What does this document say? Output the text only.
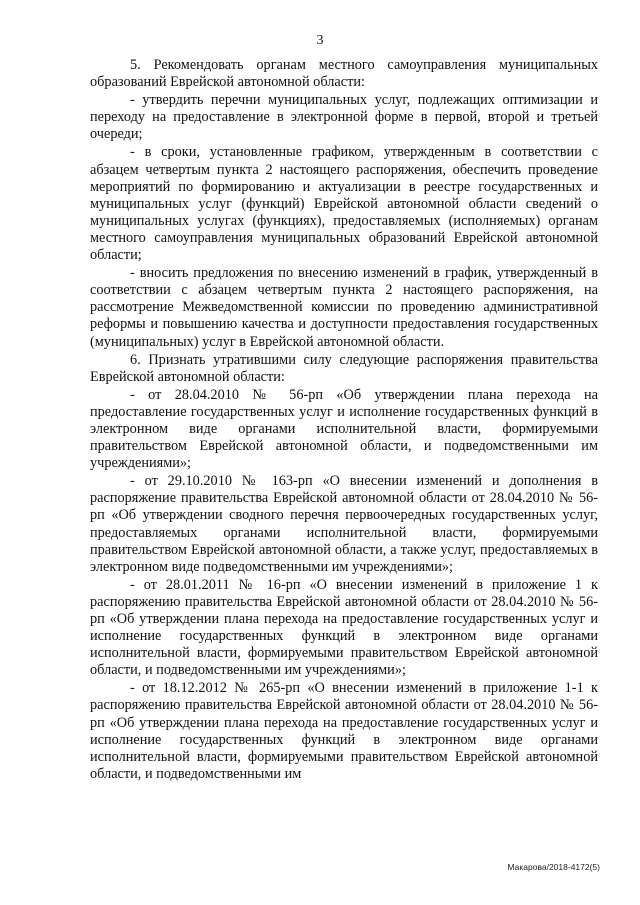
3

5. Рекомендовать органам местного самоуправления муниципальных образований Еврейской автономной области:

- утвердить перечни муниципальных услуг, подлежащих оптимизации и переходу на предоставление в электронной форме в первой, второй и третьей очереди;

- в сроки, установленные графиком, утвержденным в соответствии с абзацем четвертым пункта 2 настоящего распоряжения, обеспечить проведение мероприятий по формированию и актуализации в реестре государственных и муниципальных услуг (функций) Еврейской автономной области сведений о муниципальных услугах (функциях), предоставляемых (исполняемых) органам местного самоуправления муниципальных образований Еврейской автономной области;

- вносить предложения по внесению изменений в график, утвержденный в соответствии с абзацем четвертым пункта 2 настоящего распоряжения, на рассмотрение Межведомственной комиссии по проведению административной реформы и повышению качества и доступности предоставления государственных (муниципальных) услуг в Еврейской автономной области.

6. Признать утратившими силу следующие распоряжения правительства Еврейской автономной области:

- от 28.04.2010 № 56-рп «Об утверждении плана перехода на предоставление государственных услуг и исполнение государственных функций в электронном виде органами исполнительной власти, формируемыми правительством Еврейской автономной области, и подведомственными им учреждениями»;

- от 29.10.2010 № 163-рп «О внесении изменений и дополнения в распоряжение правительства Еврейской автономной области от 28.04.2010 № 56-рп «Об утверждении сводного перечня первоочередных государственных услуг, предоставляемых органами исполнительной власти, формируемыми правительством Еврейской автономной области, а также услуг, предоставляемых в электронном виде подведомственными им учреждениями»;

- от 28.01.2011 № 16-рп «О внесении изменений в приложение 1 к распоряжению правительства Еврейской автономной области от 28.04.2010 № 56-рп «Об утверждении плана перехода на предоставление государственных услуг и исполнение государственных функций в электронном виде органами исполнительной власти, формируемыми правительством Еврейской автономной области, и подведомственными им учреждениями»;

- от 18.12.2012 № 265-рп «О внесении изменений в приложение 1-1 к распоряжению правительства Еврейской автономной области от 28.04.2010 № 56-рп «Об утверждении плана перехода на предоставление государственных услуг и исполнение государственных функций в электронном виде органами исполнительной власти, формируемыми правительством Еврейской автономной области, и подведомственными им

Макарова/2018-4172(5)
